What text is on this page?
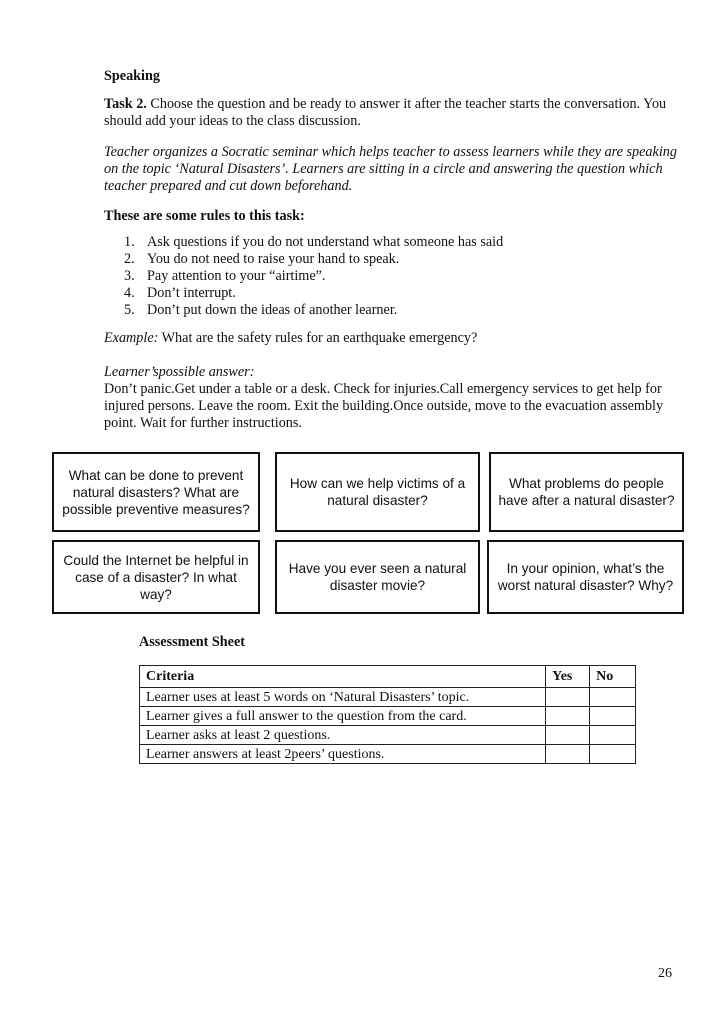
Speaking
Task 2. Choose the question and be ready to answer it after the teacher starts the conversation. You should add your ideas to the class discussion.
Teacher organizes a Socratic seminar which helps teacher to assess learners while they are speaking on the topic ‘Natural Disasters’. Learners are sitting in a circle and answering the question which teacher prepared and cut down beforehand.
These are some rules to this task:
1. Ask questions if you do not understand what someone has said
2. You do not need to raise your hand to speak.
3. Pay attention to your “airtime”.
4. Don’t interrupt.
5. Don’t put down the ideas of another learner.
Example: What are the safety rules for an earthquake emergency?
Learner’spossible answer:
Don’t panic.Get under a table or a desk. Check for injuries.Call emergency services to get help for injured persons. Leave the room. Exit the building.Once outside, move to the evacuation assembly point. Wait for further instructions.
What can be done to prevent natural disasters? What are possible preventive measures?
How can we help victims of a natural disaster?
What problems do people have after a natural disaster?
Could the Internet be helpful in case of a disaster? In what way?
Have you ever seen a natural disaster movie?
In your opinion, what’s the worst natural disaster? Why?
Assessment Sheet
Criteria	Yes	No
Learner uses at least 5 words on ‘Natural Disasters’ topic.		
Learner gives a full answer to the question from the card.		
Learner asks at least 2 questions.		
Learner answers at least 2peers’ questions.		
26
